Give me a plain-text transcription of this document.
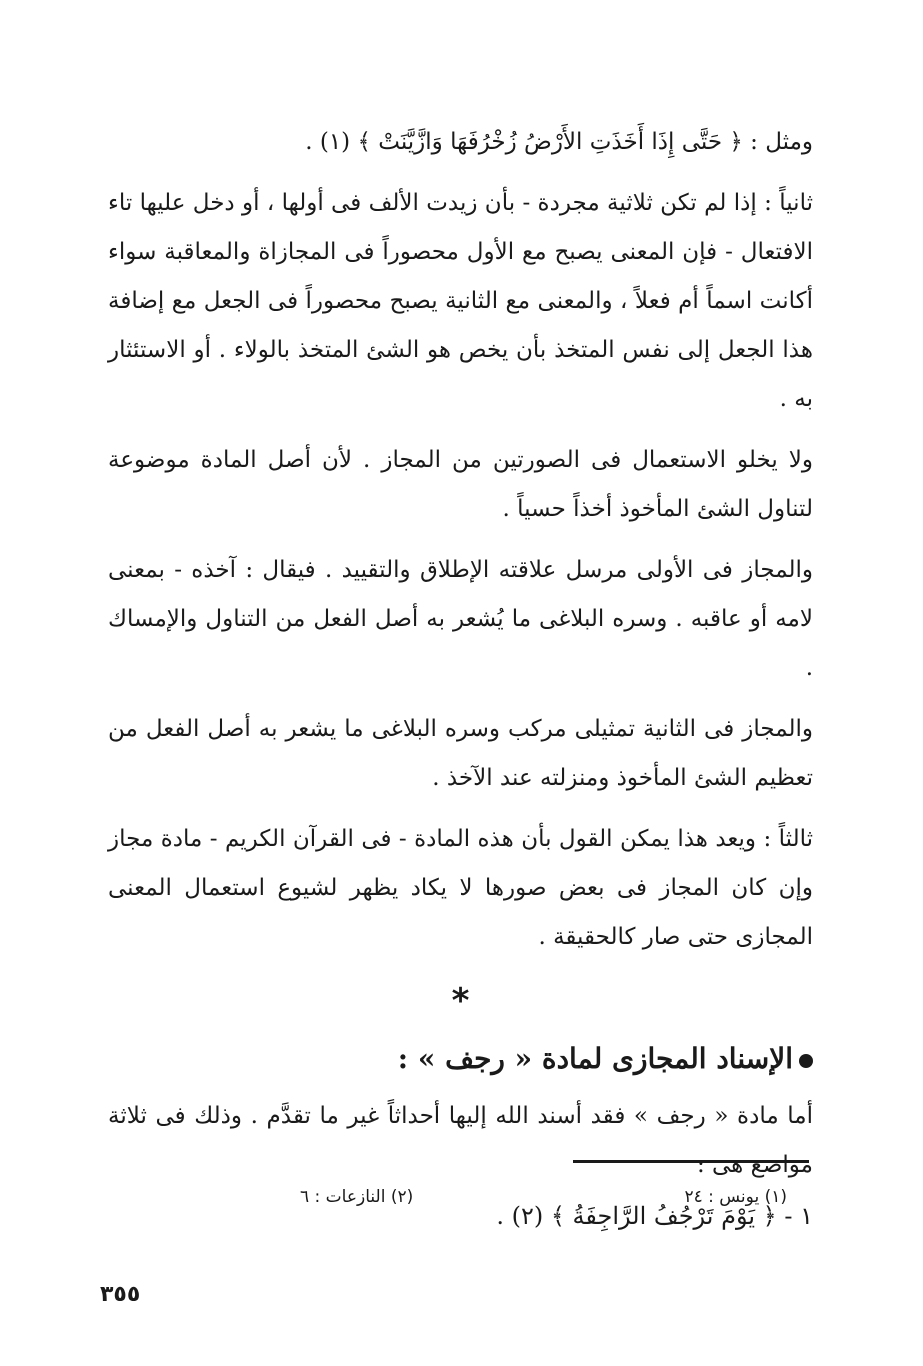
ومثل : ﴿ حَتَّى إِذَا أَخَذَتِ الأَرْضُ زُخْرُفَهَا وَازَّيَّنَتْ ﴾ (١) .

ثانياً : إذا لم تكن ثلاثية مجردة - بأن زيدت الألف فى أولها ، أو دخل عليها تاء الافتعال - فإن المعنى يصبح مع الأول محصوراً فى المجازاة والمعاقبة سواء أكانت اسماً أم فعلاً ، والمعنى مع الثانية يصبح محصوراً فى الجعل مع إضافة هذا الجعل إلى نفس المتخذ بأن يخص هو الشئ المتخذ بالولاء . أو الاستئثار به .

ولا يخلو الاستعمال فى الصورتين من المجاز . لأن أصل المادة موضوعة لتناول الشئ المأخوذ أخذاً حسياً .

والمجاز فى الأولى مرسل علاقته الإطلاق والتقييد . فيقال : آخذه - بمعنى لامه أو عاقبه . وسره البلاغى ما يُشعر به أصل الفعل من التناول والإمساك .

والمجاز فى الثانية تمثيلى مركب وسره البلاغى ما يشعر به أصل الفعل من تعظيم الشئ المأخوذ ومنزلته عند الآخذ .

ثالثاً : ويعد هذا يمكن القول بأن هذه المادة - فى القرآن الكريم - مادة مجاز وإن كان المجاز فى بعض صورها لا يكاد يظهر لشيوع استعمال المعنى المجازى حتى صار كالحقيقة .

*
الإسناد المجازى لمادة « رجف » :

أما مادة « رجف » فقد أسند الله إليها أحداثاً غير ما تقدَّم . وذلك فى ثلاثة مواضع هى :

١ - ﴿ يَوْمَ تَرْجُفُ الرَّاجِفَةُ ﴾ (٢) .

(١) يونس : ٢٤
(٢) النازعات : ٦
٣٥٥
